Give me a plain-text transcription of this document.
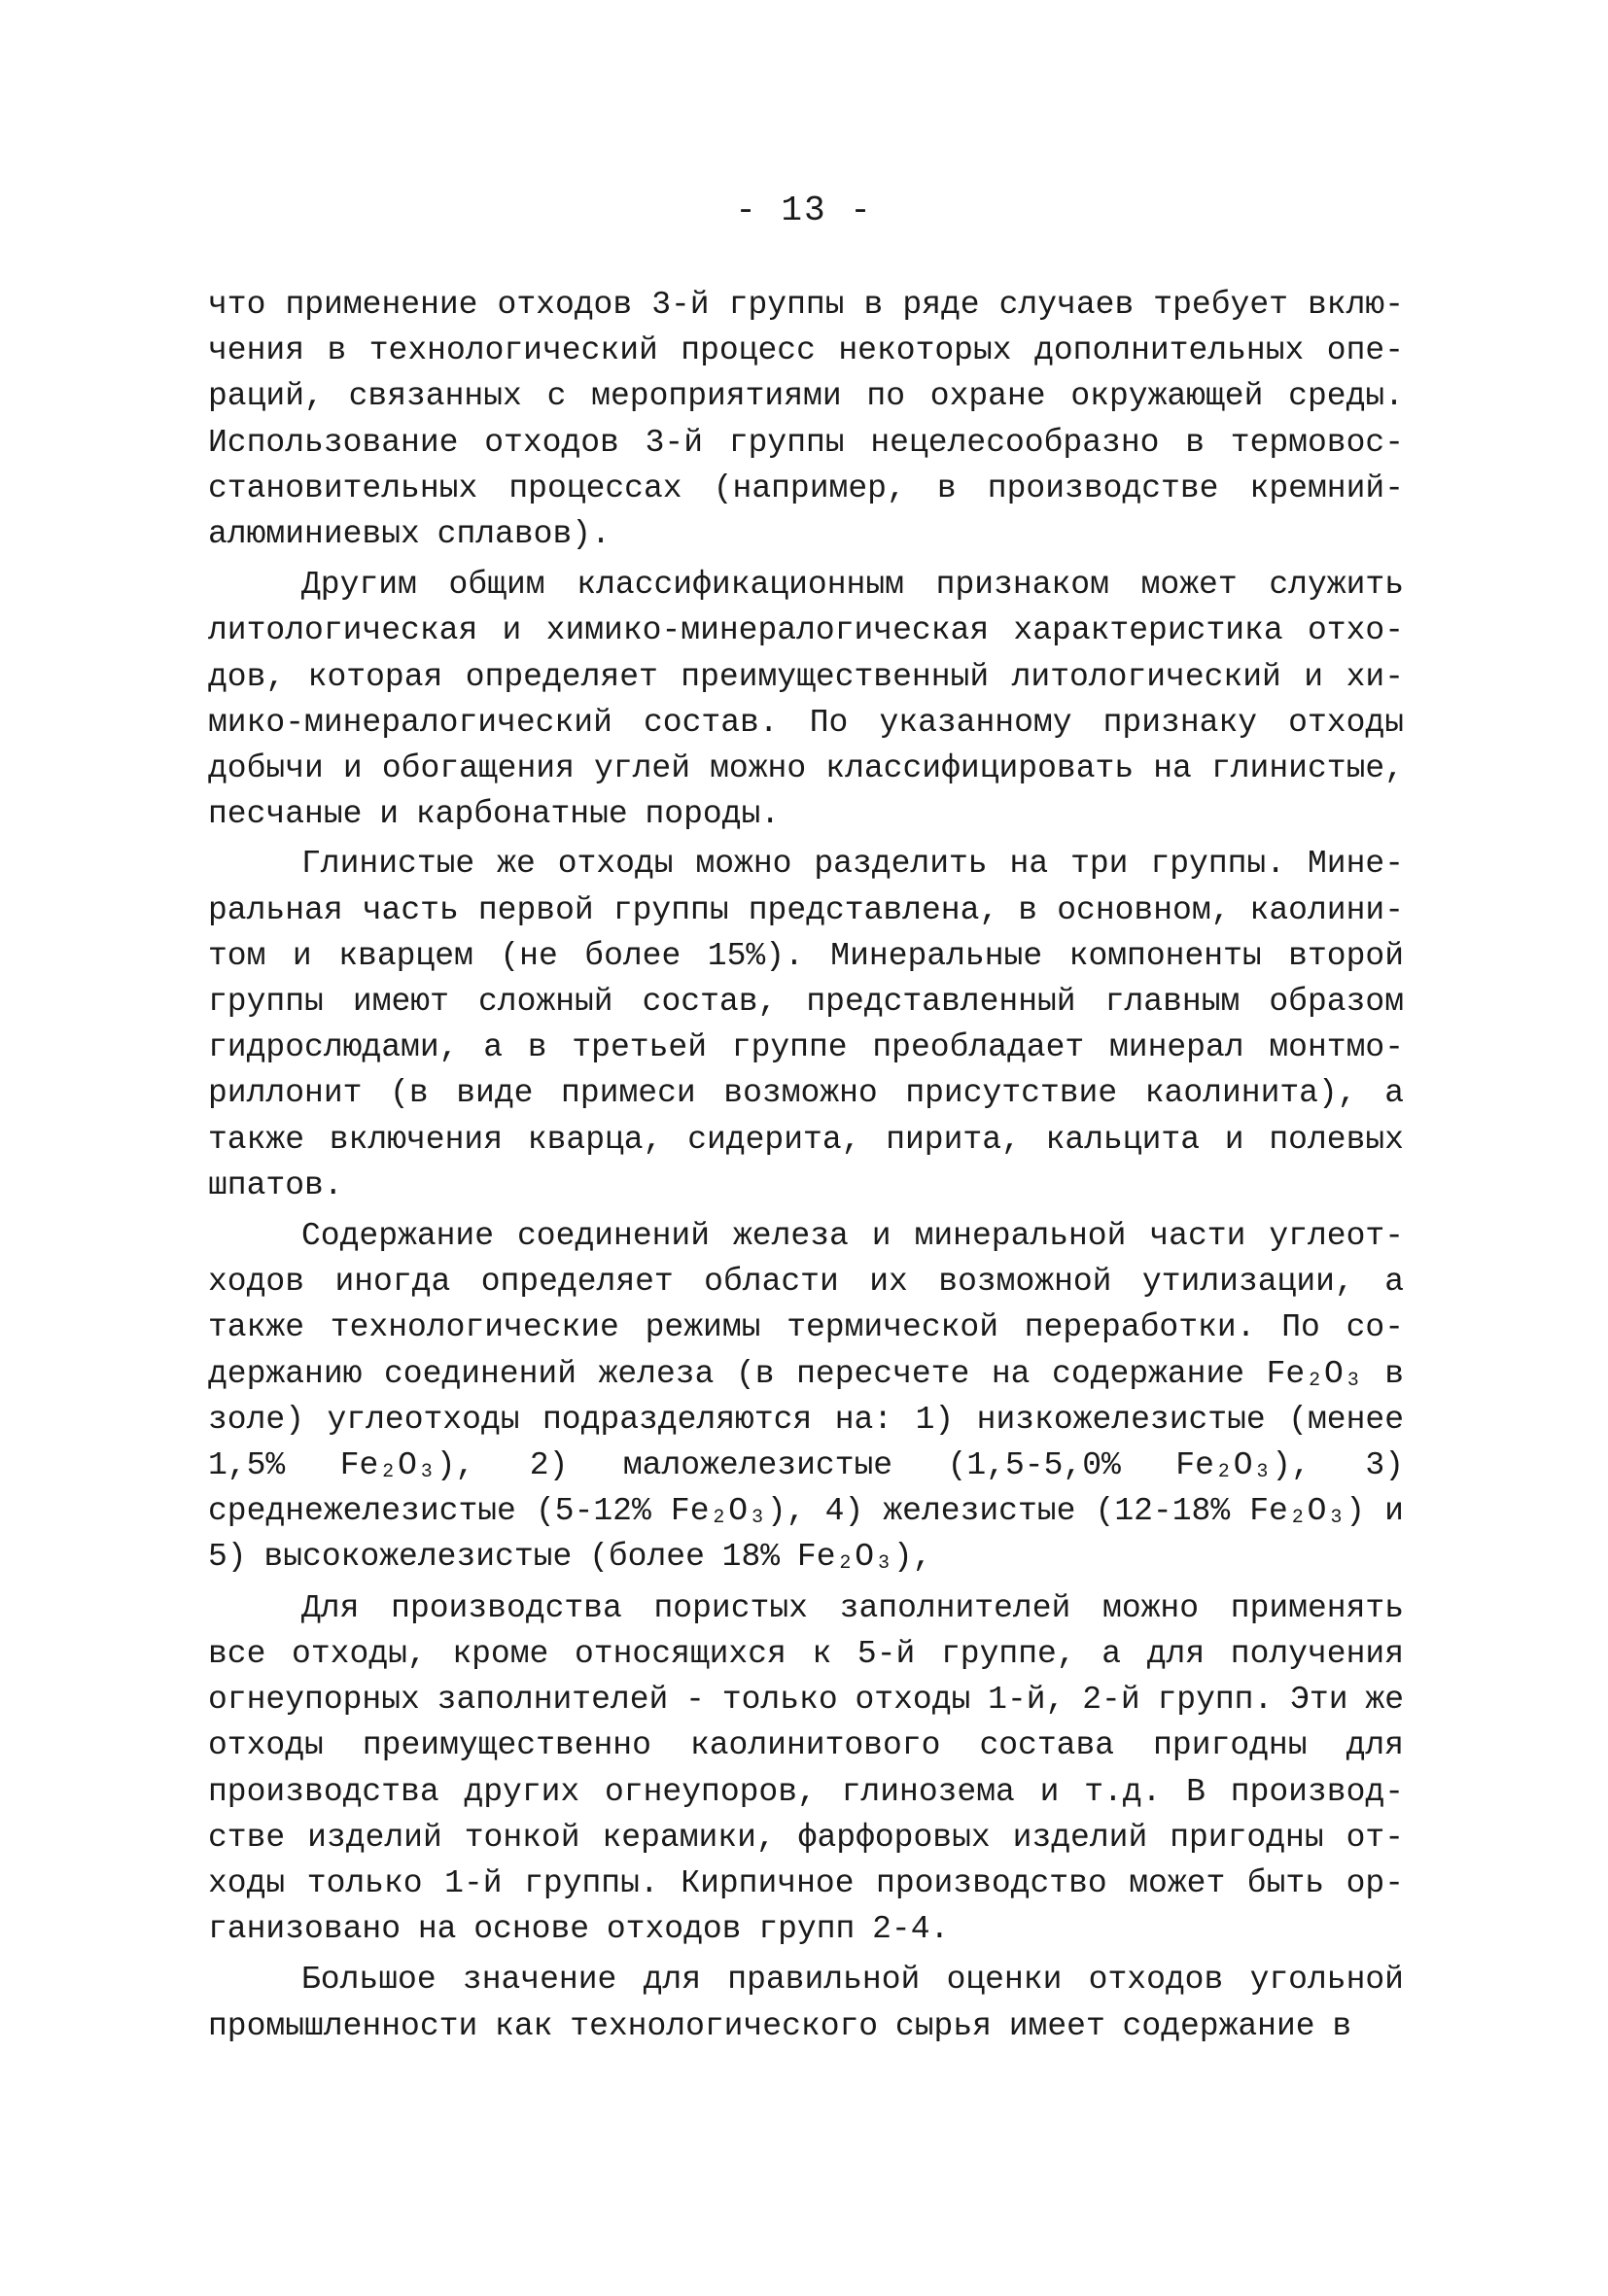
- 13 -

что применение отходов 3-й группы в ряде случаев требует включения в технологический процесс некоторых дополнительных операций, связанных с мероприятиями по охране окружающей среды. Использование отходов 3-й группы нецелесообразно в термовосстановительных процессах (например, в производстве кремнийалюминиевых сплавов).

Другим общим классификационным признаком может служить литологическая и химико-минералогическая характеристика отходов, которая определяет преимущественный литологический и химико-минералогический состав. По указанному признаку отходы добычи и обогащения углей можно классифицировать на глинистые, песчаные и карбонатные породы.

Глинистые же отходы можно разделить на три группы. Минеральная часть первой группы представлена, в основном, каолинитом и кварцем (не более 15%). Минеральные компоненты второй группы имеют сложный состав, представленный главным образом гидрослюдами, а в третьей группе преобладает минерал монтмориллонит (в виде примеси возможно присутствие каолинита), а также включения кварца, сидерита, пирита, кальцита и полевых шпатов.

Содержание соединений железа и минеральной части углеотходов иногда определяет области их возможной утилизации, а также технологические режимы термической переработки. По содержанию соединений железа (в пересчете на содержание Fe₂O₃ в золе) углеотходы подразделяются на: 1) низкожелезистые (менее 1,5% Fe₂O₃), 2) маложелезистые (1,5-5,0% Fe₂O₃), 3) среднежелезистые (5-12% Fe₂O₃), 4) железистые (12-18% Fe₂O₃) и 5) высокожелезистые (более 18% Fe₂O₃),

Для производства пористых заполнителей можно применять все отходы, кроме относящихся к 5-й группе, а для получения огнеупорных заполнителей - только отходы 1-й, 2-й групп. Эти же отходы преимущественно каолинитового состава пригодны для производства других огнеупоров, глинозема и т.д. В производстве изделий тонкой керамики, фарфоровых изделий пригодны отходы только 1-й группы. Кирпичное производство может быть организовано на основе отходов групп 2-4.

Большое значение для правильной оценки отходов угольной промышленности как технологического сырья имеет содержание в
